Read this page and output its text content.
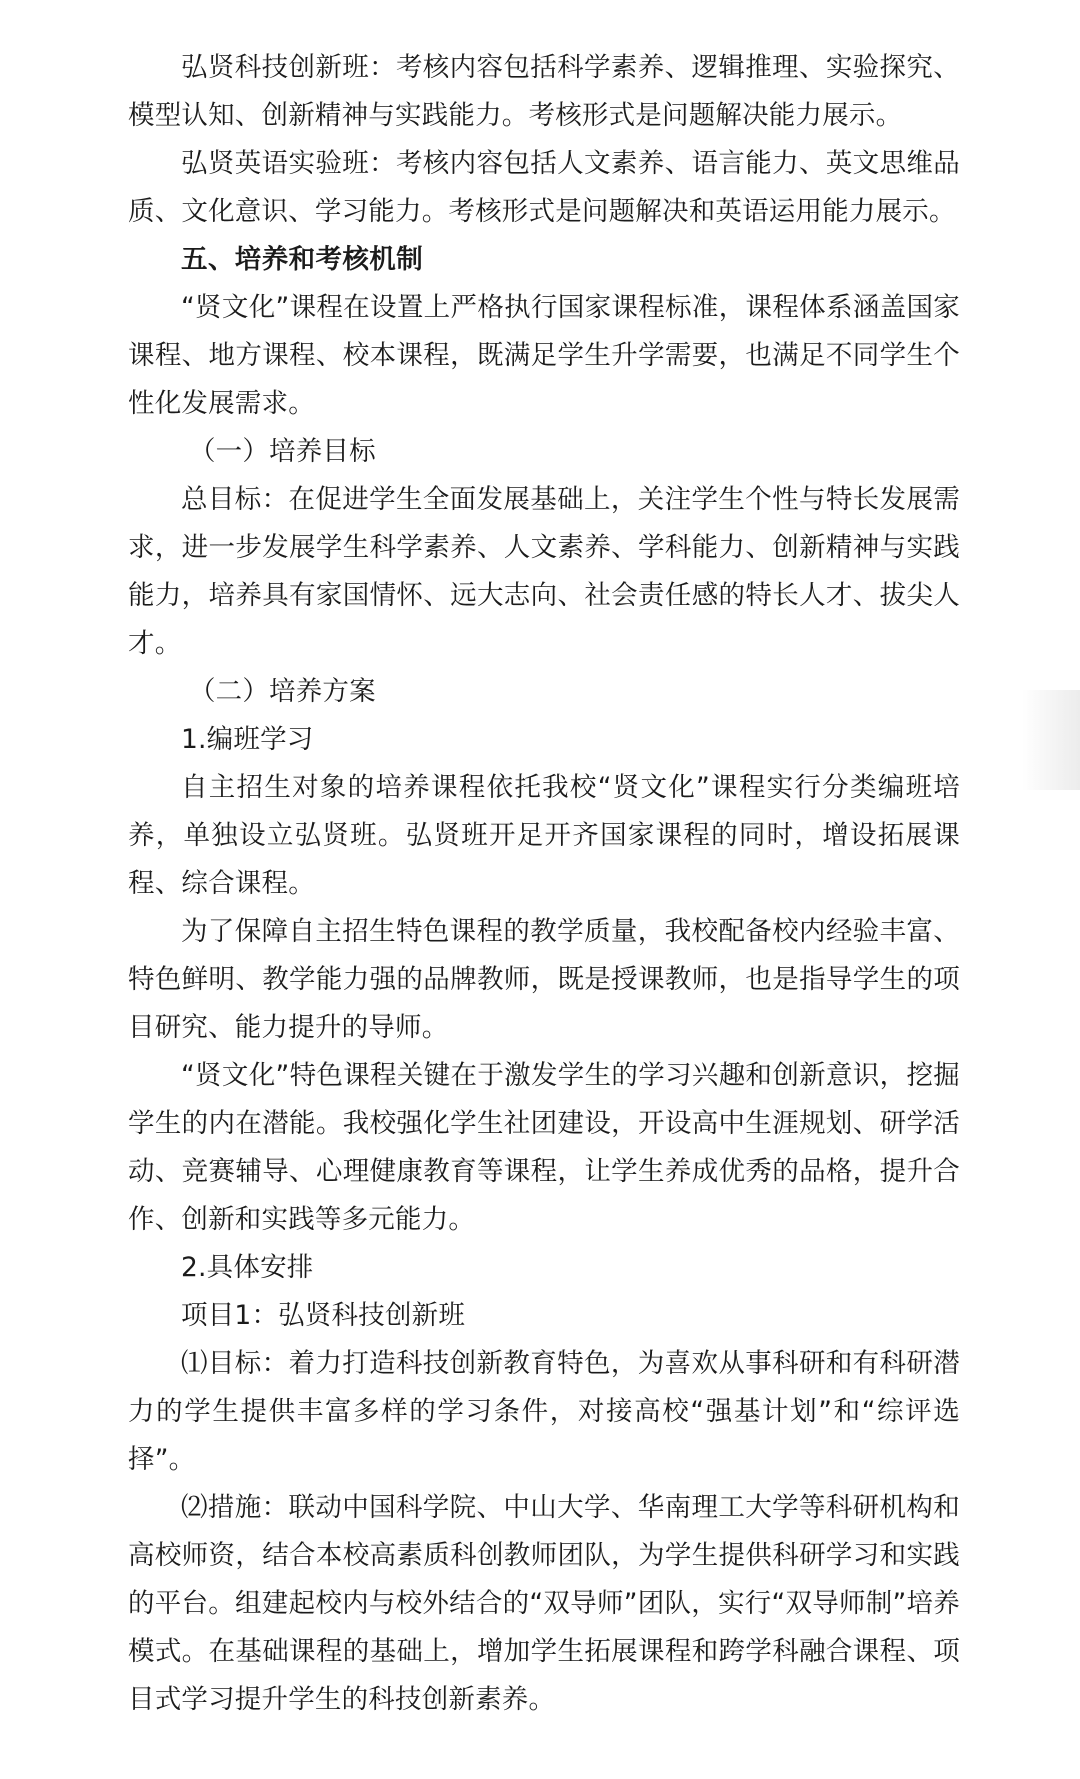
弘贤科技创新班：考核内容包括科学素养、逻辑推理、实验探究、模型认知、创新精神与实践能力。考核形式是问题解决能力展示。

弘贤英语实验班：考核内容包括人文素养、语言能力、英文思维品质、文化意识、学习能力。考核形式是问题解决和英语运用能力展示。

五、培养和考核机制

“贤文化”课程在设置上严格执行国家课程标准，课程体系涵盖国家课程、地方课程、校本课程，既满足学生升学需要，也满足不同学生个性化发展需求。

（一）培养目标

总目标：在促进学生全面发展基础上，关注学生个性与特长发展需求，进一步发展学生科学素养、人文素养、学科能力、创新精神与实践能力，培养具有家国情怀、远大志向、社会责任感的特长人才、拔尖人才。

（二）培养方案

1.编班学习

自主招生对象的培养课程依托我校“贤文化”课程实行分类编班培养，单独设立弘贤班。弘贤班开足开齐国家课程的同时，增设拓展课程、综合课程。

为了保障自主招生特色课程的教学质量，我校配备校内经验丰富、特色鲜明、教学能力强的品牌教师，既是授课教师，也是指导学生的项目研究、能力提升的导师。

“贤文化”特色课程关键在于激发学生的学习兴趣和创新意识，挖掘学生的内在潜能。我校强化学生社团建设，开设高中生涯规划、研学活动、竞赛辅导、心理健康教育等课程，让学生养成优秀的品格，提升合作、创新和实践等多元能力。

2.具体安排

项目1：弘贤科技创新班

⑴目标：着力打造科技创新教育特色，为喜欢从事科研和有科研潜力的学生提供丰富多样的学习条件，对接高校“强基计划”和“综评选择”。

⑵措施：联动中国科学院、中山大学、华南理工大学等科研机构和高校师资，结合本校高素质科创教师团队，为学生提供科研学习和实践的平台。组建起校内与校外结合的“双导师”团队，实行“双导师制”培养模式。在基础课程的基础上，增加学生拓展课程和跨学科融合课程、项目式学习提升学生的科技创新素养。
